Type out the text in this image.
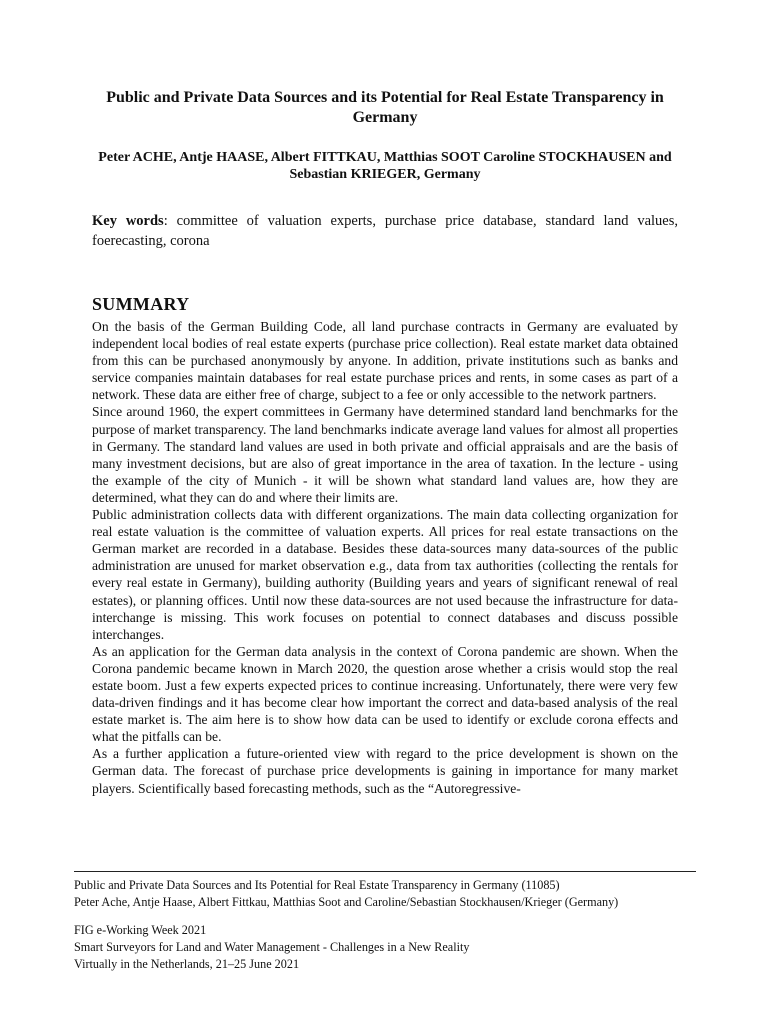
Public and Private Data Sources and its Potential for Real Estate Transparency in Germany
Peter ACHE, Antje HAASE, Albert FITTKAU, Matthias SOOT Caroline STOCKHAUSEN and Sebastian KRIEGER, Germany
Key words: committee of valuation experts, purchase price database, standard land values, foerecasting, corona
SUMMARY

On the basis of the German Building Code, all land purchase contracts in Germany are evaluated by independent local bodies of real estate experts (purchase price collection). Real estate market data obtained from this can be purchased anonymously by anyone. In addition, private institutions such as banks and service companies maintain databases for real estate purchase prices and rents, in some cases as part of a network. These data are either free of charge, subject to a fee or only accessible to the network partners.

Since around 1960, the expert committees in Germany have determined standard land benchmarks for the purpose of market transparency. The land benchmarks indicate average land values for almost all properties in Germany. The standard land values are used in both private and official appraisals and are the basis of many investment decisions, but are also of great importance in the area of taxation. In the lecture - using the example of the city of Munich - it will be shown what standard land values are, how they are determined, what they can do and where their limits are.

Public administration collects data with different organizations. The main data collecting organization for real estate valuation is the committee of valuation experts. All prices for real estate transactions on the German market are recorded in a database. Besides these data-sources many data-sources of the public administration are unused for market observation e.g., data from tax authorities (collecting the rentals for every real estate in Germany), building authority (Building years and years of significant renewal of real estates), or planning offices. Until now these data-sources are not used because the infrastructure for data-interchange is missing. This work focuses on potential to connect databases and discuss possible interchanges.

As an application for the German data analysis in the context of Corona pandemic are shown. When the Corona pandemic became known in March 2020, the question arose whether a crisis would stop the real estate boom. Just a few experts expected prices to continue increasing. Unfortunately, there were very few data-driven findings and it has become clear how important the correct and data-based analysis of the real estate market is. The aim here is to show how data can be used to identify or exclude corona effects and what the pitfalls can be.

As a further application a future-oriented view with regard to the price development is shown on the German data. The forecast of purchase price developments is gaining in importance for many market players. Scientifically based forecasting methods, such as the “Autoregressive-

Public and Private Data Sources and Its Potential for Real Estate Transparency in Germany (11085)
Peter Ache, Antje Haase, Albert Fittkau, Matthias Soot and Caroline/Sebastian Stockhausen/Krieger (Germany)
FIG e-Working Week 2021
Smart Surveyors for Land and Water Management - Challenges in a New Reality
Virtually in the Netherlands, 21–25 June 2021
